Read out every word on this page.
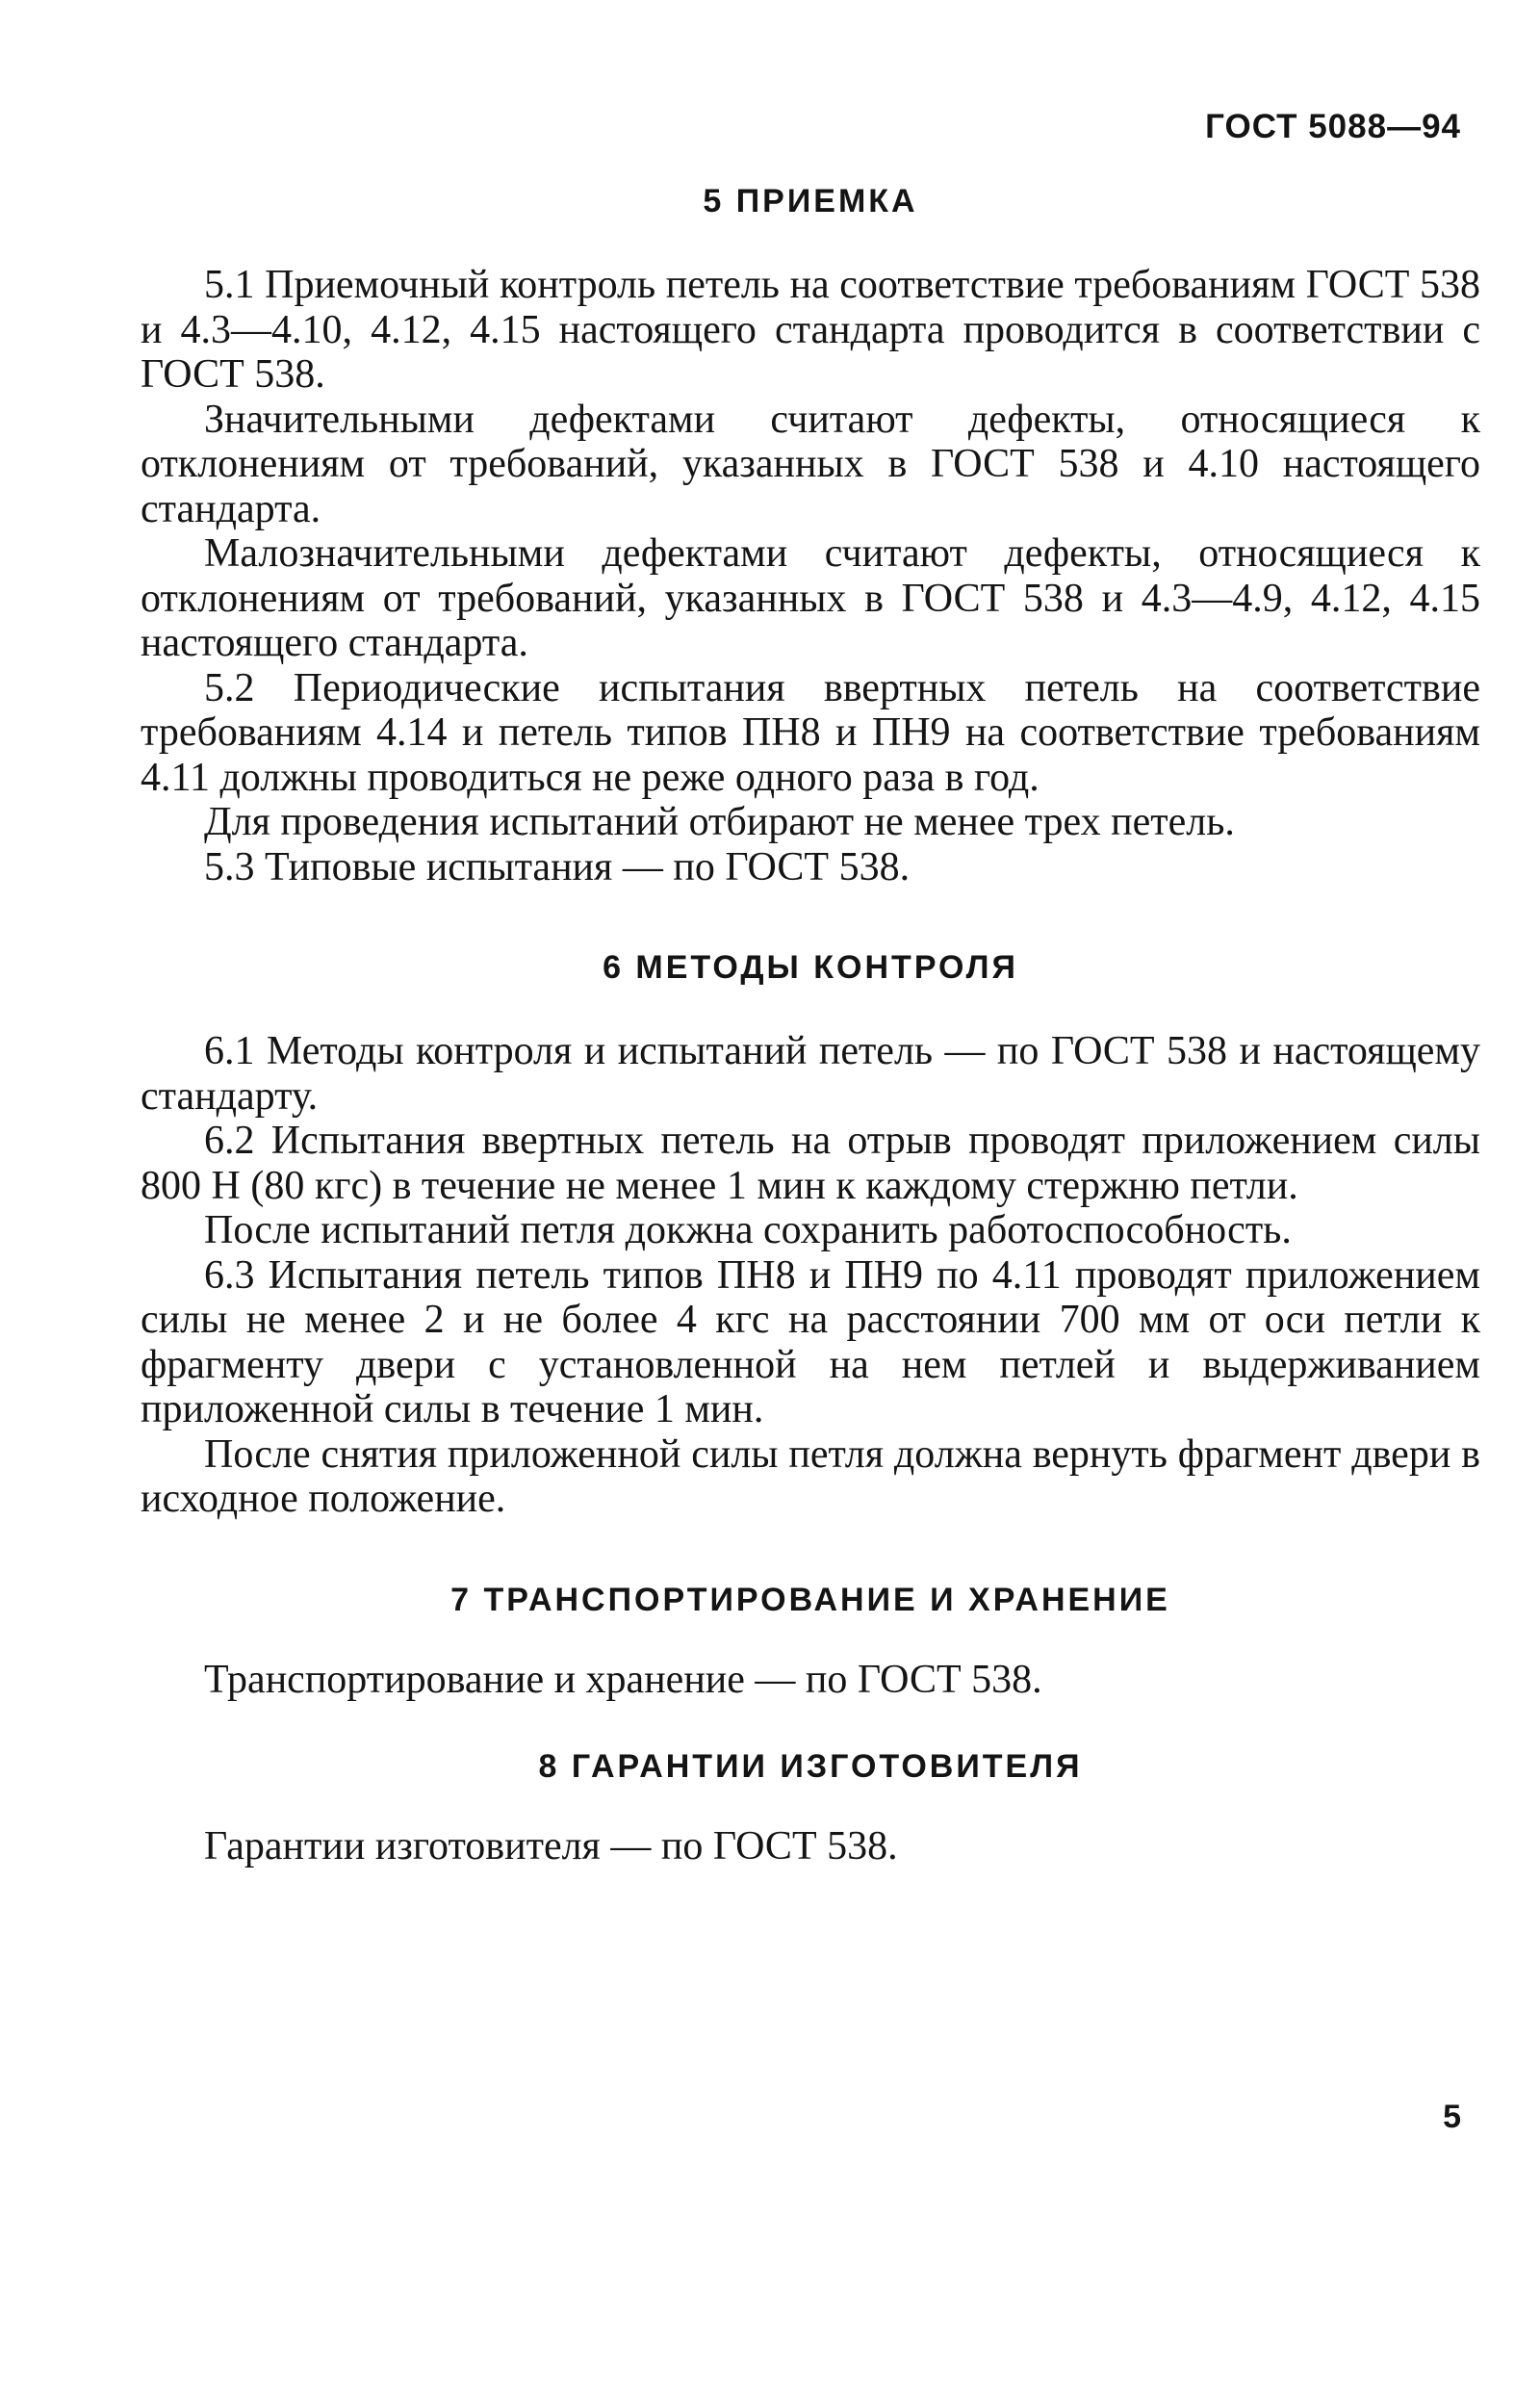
ГОСТ 5088—94
5 ПРИЕМКА

5.1 Приемочный контроль петель на соответствие требованиям ГОСТ 538 и 4.3—4.10, 4.12, 4.15 настоящего стандарта проводится в соответствии с ГОСТ 538.

Значительными дефектами считают дефекты, относящиеся к отклонениям от требований, указанных в ГОСТ 538 и 4.10 настоящего стандарта.

Малозначительными дефектами считают дефекты, относящиеся к отклонениям от требований, указанных в ГОСТ 538 и 4.3—4.9, 4.12, 4.15 настоящего стандарта.

5.2 Периодические испытания ввертных петель на соответствие требованиям 4.14 и петель типов ПН8 и ПН9 на соответствие требованиям 4.11 должны проводиться не реже одного раза в год.

Для проведения испытаний отбирают не менее трех петель.

5.3 Типовые испытания — по ГОСТ 538.

6 МЕТОДЫ КОНТРОЛЯ

6.1 Методы контроля и испытаний петель — по ГОСТ 538 и настоящему стандарту.

6.2 Испытания ввертных петель на отрыв проводят приложением силы 800 Н (80 кгс) в течение не менее 1 мин к каждому стержню петли.

После испытаний петля докжна сохранить работоспособность.

6.3 Испытания петель типов ПН8 и ПН9 по 4.11 проводят приложением силы не менее 2 и не более 4 кгс на расстоянии 700 мм от оси петли к фрагменту двери с установленной на нем петлей и выдерживанием приложенной силы в течение 1 мин.

После снятия приложенной силы петля должна вернуть фрагмент двери в исходное положение.

7 ТРАНСПОРТИРОВАНИЕ И ХРАНЕНИЕ

Транспортирование и хранение — по ГОСТ 538.

8 ГАРАНТИИ ИЗГОТОВИТЕЛЯ

Гарантии изготовителя — по ГОСТ 538.

5
